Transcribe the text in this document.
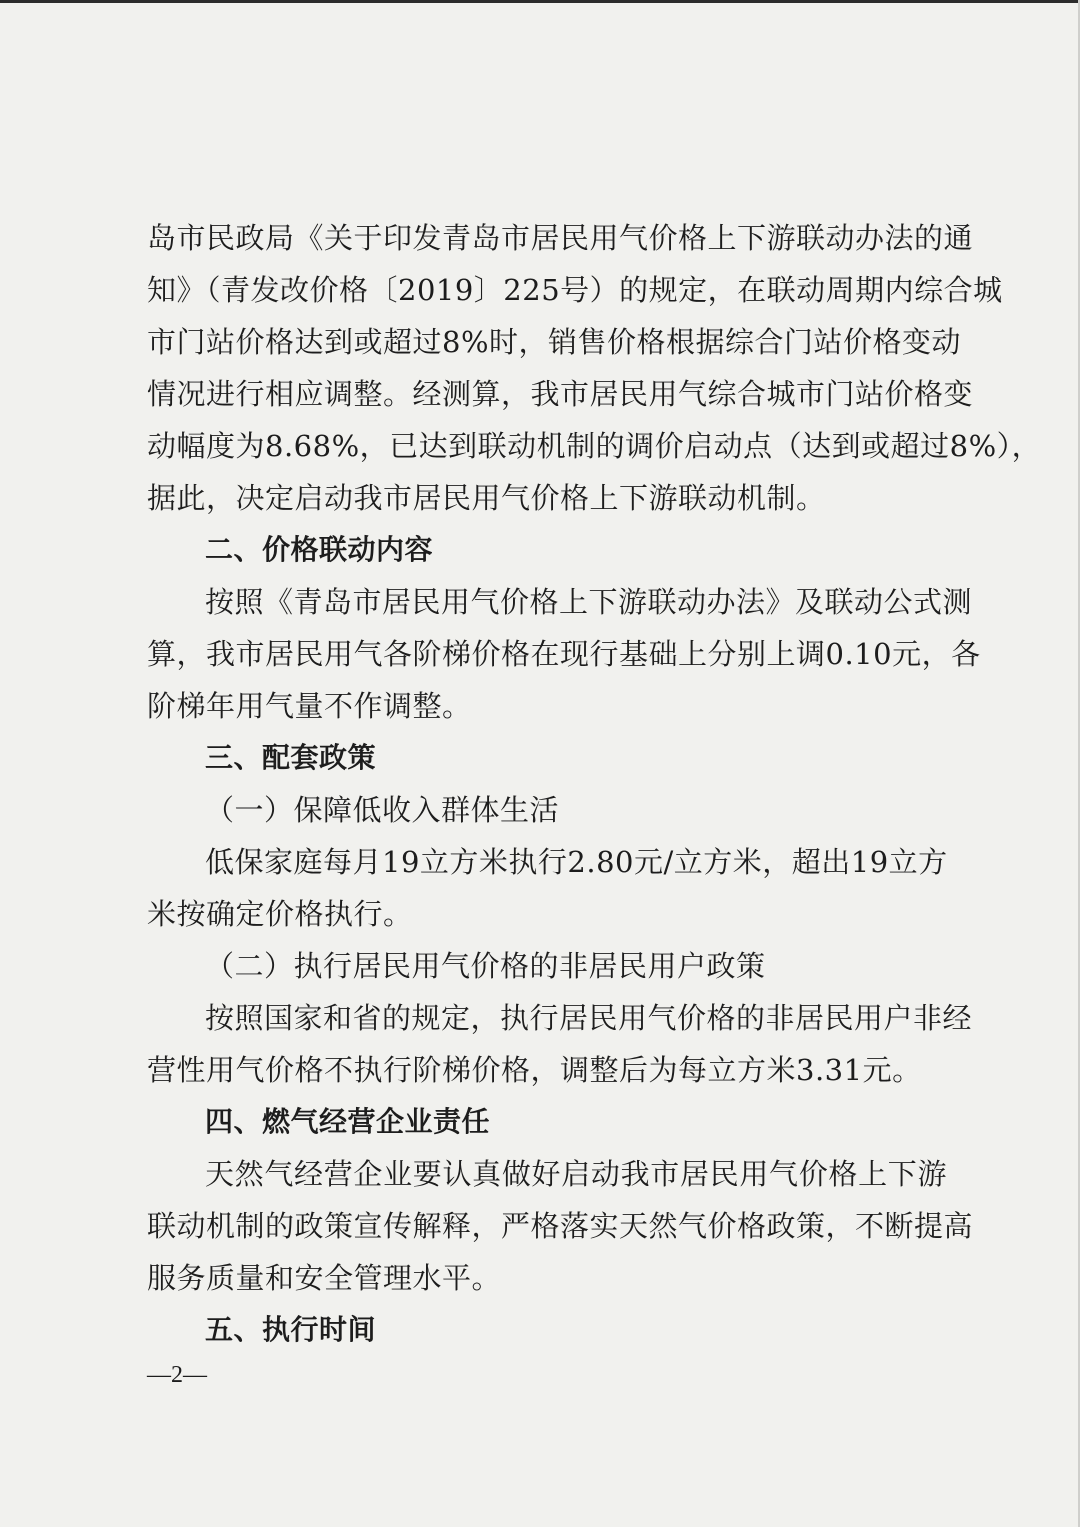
岛市民政局《关于印发青岛市居民用气价格上下游联动办法的通
知》（青发改价格〔2019〕225号）的规定，在联动周期内综合城
市门站价格达到或超过8%时，销售价格根据综合门站价格变动
情况进行相应调整。经测算，我市居民用气综合城市门站价格变
动幅度为8.68%，已达到联动机制的调价启动点（达到或超过8%），
据此，决定启动我市居民用气价格上下游联动机制。
二、价格联动内容
按照《青岛市居民用气价格上下游联动办法》及联动公式测
算，我市居民用气各阶梯价格在现行基础上分别上调0.10元，各
阶梯年用气量不作调整。
三、配套政策
（一）保障低收入群体生活
低保家庭每月19立方米执行2.80元/立方米，超出19立方
米按确定价格执行。
（二）执行居民用气价格的非居民用户政策
按照国家和省的规定，执行居民用气价格的非居民用户非经
营性用气价格不执行阶梯价格，调整后为每立方米3.31元。
四、燃气经营企业责任
天然气经营企业要认真做好启动我市居民用气价格上下游
联动机制的政策宣传解释，严格落实天然气价格政策，不断提高
服务质量和安全管理水平。
五、执行时间
—2—
